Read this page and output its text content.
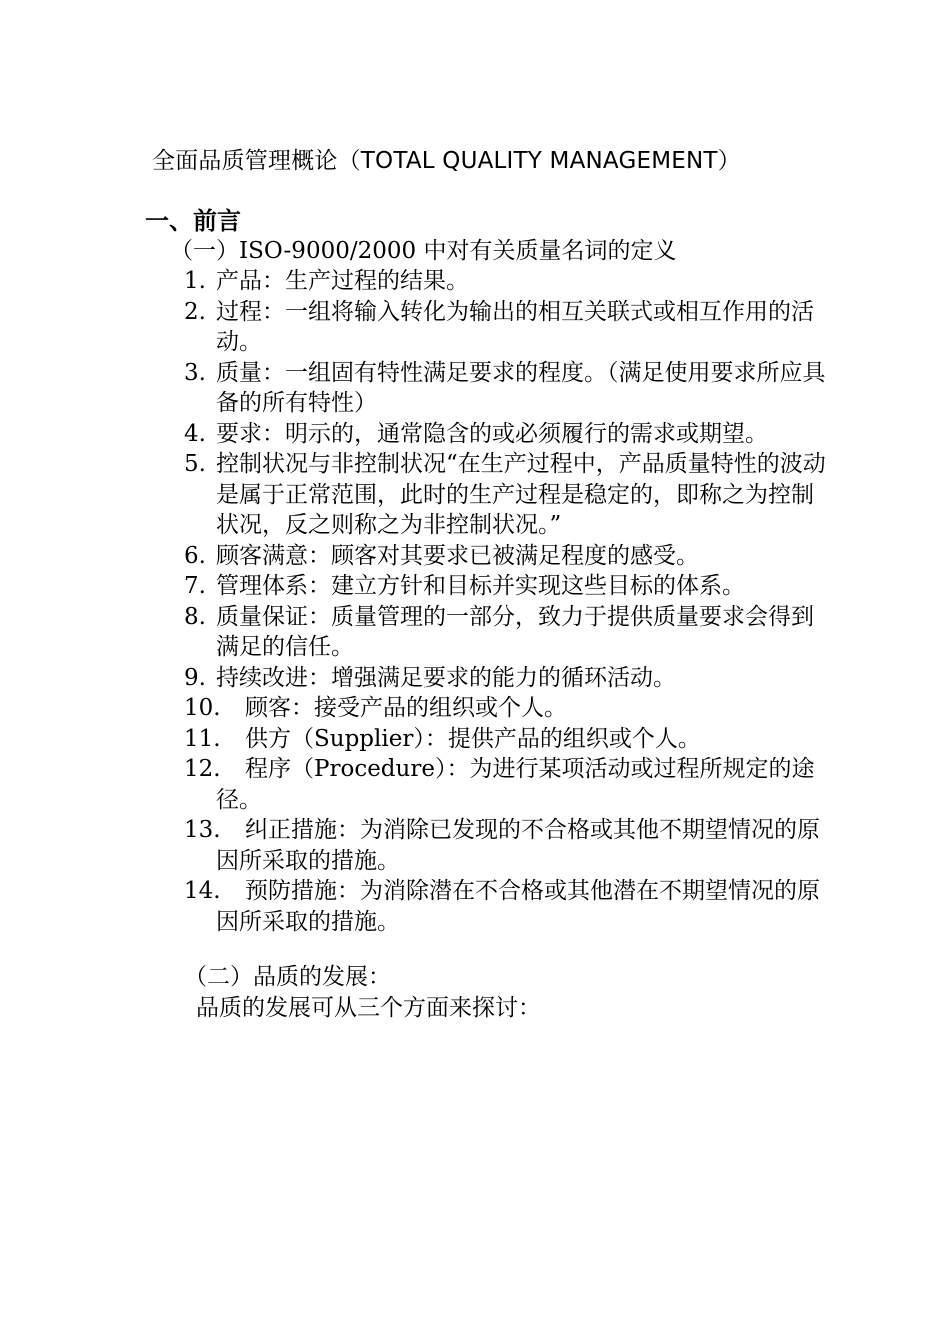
全面品质管理概论（TOTAL QUALITY MANAGEMENT）
一、前言
（一）ISO-9000/2000 中对有关质量名词的定义
1. 产品：生产过程的结果。
2. 过程：一组将输入转化为输出的相互关联式或相互作用的活动。
3. 质量：一组固有特性满足要求的程度。（满足使用要求所应具备的所有特性）
4. 要求：明示的，通常隐含的或必须履行的需求或期望。
5. 控制状况与非控制状况“在生产过程中，产品质量特性的波动是属于正常范围，此时的生产过程是稳定的，即称之为控制状况，反之则称之为非控制状况。”
6. 顾客满意：顾客对其要求已被满足程度的感受。
7. 管理体系：建立方针和目标并实现这些目标的体系。
8. 质量保证：质量管理的一部分，致力于提供质量要求会得到满足的信任。
9. 持续改进：增强满足要求的能力的循环活动。
10.	顾客：接受产品的组织或个人。
11.	供方（Supplier）：提供产品的组织或个人。
12.	程序（Procedure）：为进行某项活动或过程所规定的途径。
13.	纠正措施：为消除已发现的不合格或其他不期望情况的原因所采取的措施。
14.	预防措施：为消除潜在不合格或其他潜在不期望情况的原因所采取的措施。
（二）品质的发展：
品质的发展可从三个方面来探讨：
